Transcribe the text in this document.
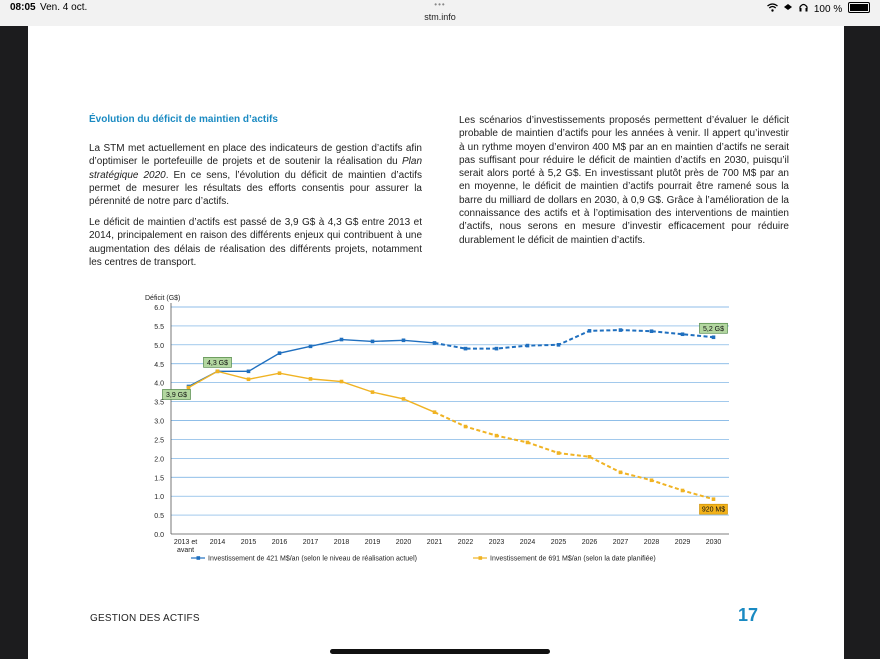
08:05 Ven. 4 oct.	•••
stm.info
100 %
Évolution du déficit de maintien d’actifs
La STM met actuellement en place des indicateurs de gestion d’actifs afin d’optimiser le portefeuille de projets et de soutenir la réalisation du Plan stratégique 2020. En ce sens, l’évolution du déficit de maintien d’actifs permet de mesurer les résultats des efforts consentis pour assurer la pérennité de notre parc d’actifs.
Le déficit de maintien d’actifs est passé de 3,9 G$ à 4,3 G$ entre 2013 et 2014, principalement en raison des différents enjeux qui contribuent à une augmentation des délais de réalisation des différents projets, notamment les centres de transport.
Les scénarios d’investissements proposés permettent d’évaluer le déficit probable de maintien d’actifs pour les années à venir. Il appert qu’investir à un rythme moyen d’environ 400 M$ par an en maintien d’actifs ne serait pas suffisant pour réduire le déficit de maintien d’actifs en 2030, puisqu’il serait alors porté à 5,2 G$. En investissant plutôt près de 700 M$ par an en moyenne, le déficit de maintien d’actifs pourrait être ramené sous la barre du milliard de dollars en 2030, à 0,9 G$. Grâce à l’amélioration de la connaissance des actifs et à l’optimisation des interventions de maintien d’actifs, nous serons en mesure d’investir efficacement pour réduire durablement le déficit de maintien d’actifs.
0.0
0.5
1.0
1.5
2.0
2.5
3.0
3.5
4.0
4.5
5.0
5.5
6.0
Déficit (G$)
2013 et avant
2014 2015 2016 2017 2018 2019 2020 2021 2022 2023 2024 2025 2026 2027 2028 2029 2030
3,9 G$
4,3 G$
5,2 G$
920 M$
Investissement de 421 M$/an (selon le niveau de réalisation actuel)	Investissement de 691 M$/an (selon la date planifiée)
GESTION DES ACTIFS	17
